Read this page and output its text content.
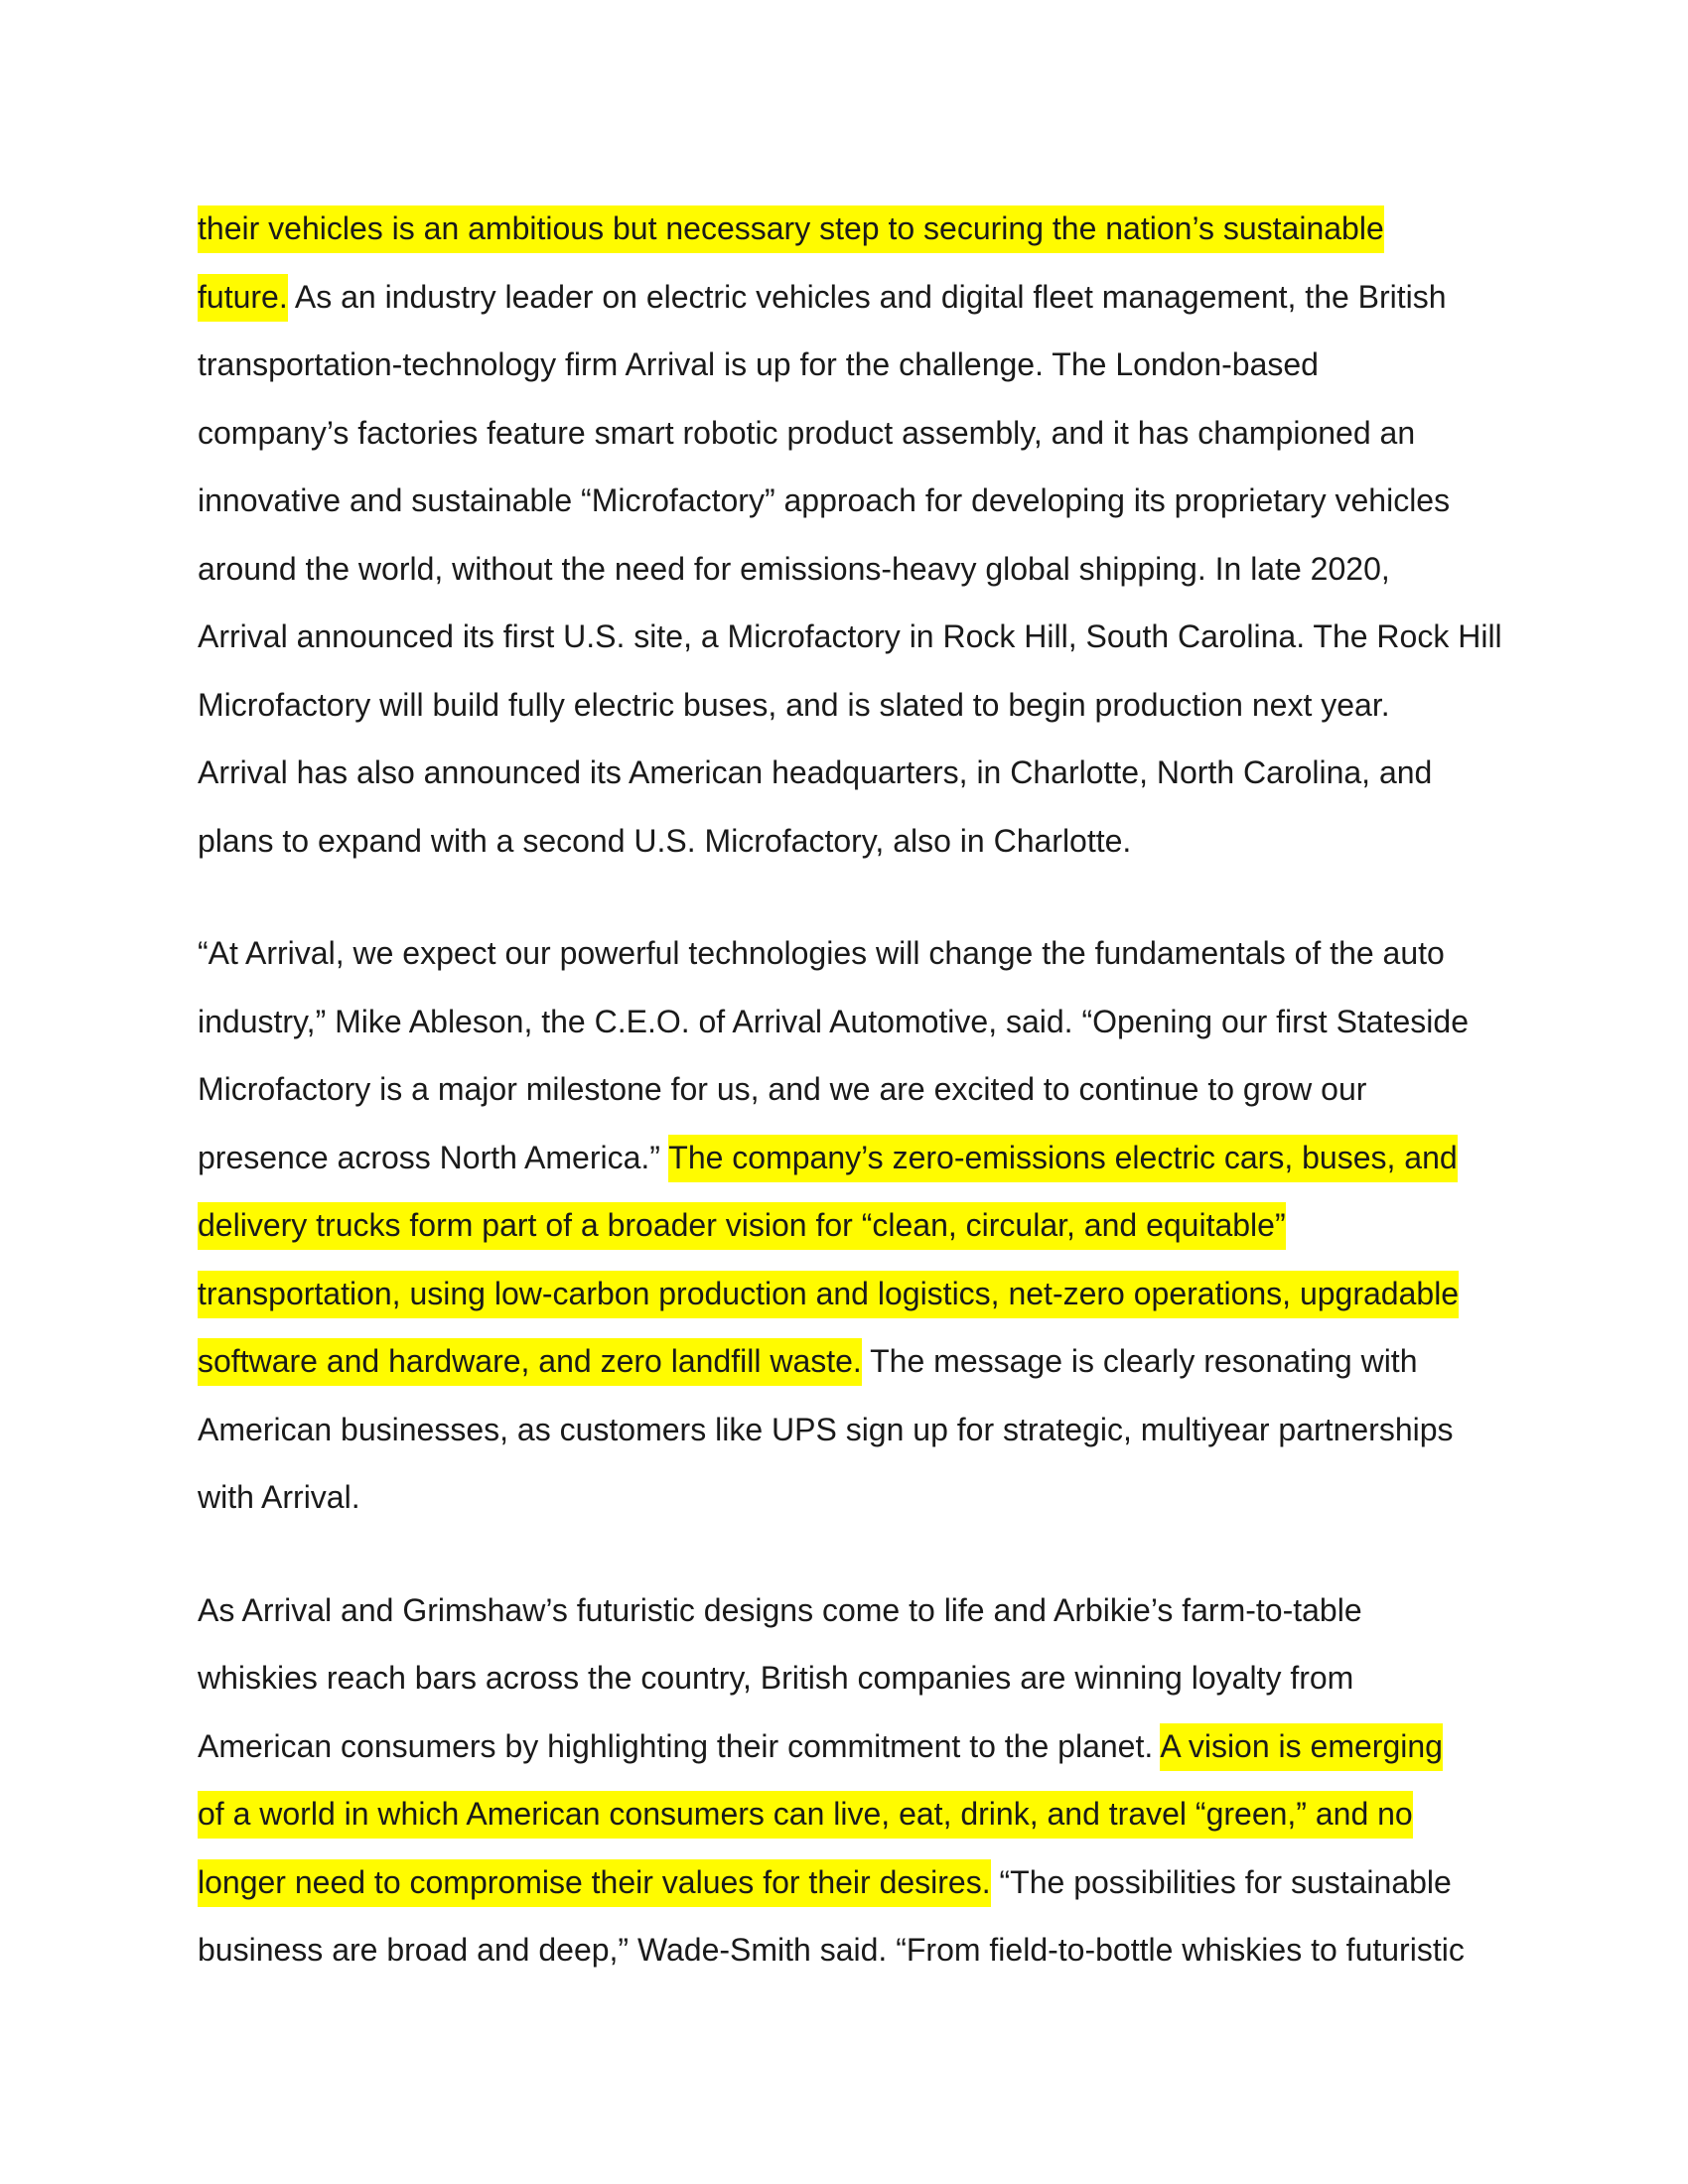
their vehicles is an ambitious but necessary step to securing the nation’s sustainable
future. As an industry leader on electric vehicles and digital fleet management, the British
transportation-technology firm Arrival is up for the challenge. The London-based
company’s factories feature smart robotic product assembly, and it has championed an
innovative and sustainable “Microfactory” approach for developing its proprietary vehicles
around the world, without the need for emissions-heavy global shipping. In late 2020,
Arrival announced its first U.S. site, a Microfactory in Rock Hill, South Carolina. The Rock Hill
Microfactory will build fully electric buses, and is slated to begin production next year.
Arrival has also announced its American headquarters, in Charlotte, North Carolina, and
plans to expand with a second U.S. Microfactory, also in Charlotte.
“At Arrival, we expect our powerful technologies will change the fundamentals of the auto
industry,” Mike Ableson, the C.E.O. of Arrival Automotive, said. “Opening our first Stateside
Microfactory is a major milestone for us, and we are excited to continue to grow our
presence across North America.” The company’s zero-emissions electric cars, buses, and
delivery trucks form part of a broader vision for “clean, circular, and equitable”
transportation, using low-carbon production and logistics, net-zero operations, upgradable
software and hardware, and zero landfill waste. The message is clearly resonating with
American businesses, as customers like UPS sign up for strategic, multiyear partnerships
with Arrival.
As Arrival and Grimshaw’s futuristic designs come to life and Arbikie’s farm-to-table
whiskies reach bars across the country, British companies are winning loyalty from
American consumers by highlighting their commitment to the planet. A vision is emerging
of a world in which American consumers can live, eat, drink, and travel “green,” and no
longer need to compromise their values for their desires. “The possibilities for sustainable
business are broad and deep,” Wade-Smith said. “From field-to-bottle whiskies to futuristic
